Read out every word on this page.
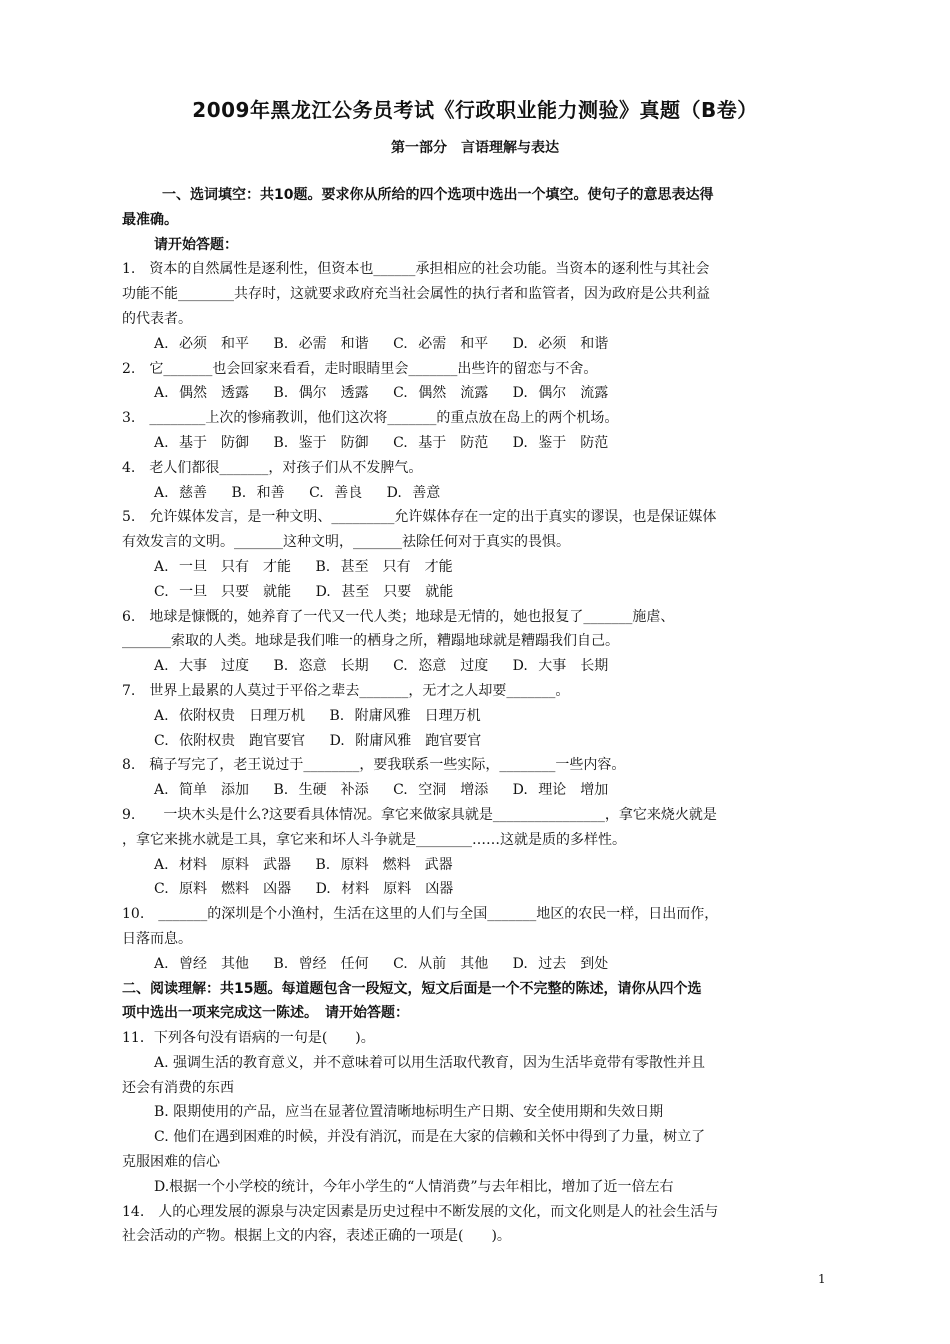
2009年黑龙江公务员考试《行政职业能力测验》真题（B卷）
第一部分　言语理解与表达

一、选词填空：共10题。要求你从所给的四个选项中选出一个填空。使句子的意思表达得

最准确。

请开始答题：

1.　资本的自然属性是逐利性，但资本也______承担相应的社会功能。当资本的逐利性与其社会

功能不能________共存时，这就要求政府充当社会属性的执行者和监管者，因为政府是公共利益

的代表者。

A. 必须　和平　 B. 必需　和谐　 C. 必需　和平　 D. 必须　和谐

2.　它_______也会回家来看看，走时眼睛里会_______出些许的留恋与不舍。

A. 偶然　透露　 B. 偶尔　透露　 C. 偶然　流露　 D. 偶尔　流露

3.　________上次的惨痛教训，他们这次将_______的重点放在岛上的两个机场。

A. 基于　防御　 B. 鉴于　防御　 C. 基于　防范　 D. 鉴于　防范

4.　老人们都很_______，对孩子们从不发脾气。

A. 慈善　 B. 和善　 C. 善良　 D. 善意

5.　允许媒体发言，是一种文明、_________允许媒体存在一定的出于真实的谬误，也是保证媒体

有效发言的文明。_______这种文明，_______祛除任何对于真实的畏惧。

A. 一旦　只有　才能　 B. 甚至　只有　才能

C. 一旦　只要　就能　 D. 甚至　只要　就能

6.　地球是慷慨的，她养育了一代又一代人类；地球是无情的，她也报复了_______施虐、

_______索取的人类。地球是我们唯一的栖身之所，糟蹋地球就是糟蹋我们自己。

A. 大事　过度　 B. 恣意　长期　 C. 恣意　过度　 D. 大事　长期

7.　世界上最累的人莫过于平俗之辈去_______，无才之人却要_______。

A. 依附权贵　日理万机　 B. 附庸风雅　日理万机

C. 依附权贵　跑官要官　 D. 附庸风雅　跑官要官

8.　稿子写完了，老王说过于________，要我联系一些实际，________一些内容。

A. 简单　添加　 B. 生硬　补添　 C. 空洞　增添　 D. 理论　增加

9.　　一块木头是什么?这要看具体情况。拿它来做家具就是________________，拿它来烧火就是

，拿它来挑水就是工具，拿它来和坏人斗争就是________……这就是质的多样性。

A. 材料　原料　武器　 B. 原料　燃料　武器

C. 原料　燃料　凶器　 D. 材料　原料　凶器

10.　_______的深圳是个小渔村，生活在这里的人们与全国_______地区的农民一样，日出而作，

日落而息。

A. 曾经　其他　 B. 曾经　任何　 C. 从前　其他　 D. 过去　到处

二、阅读理解：共15题。每道题包含一段短文，短文后面是一个不完整的陈述，请你从四个选

项中选出一项来完成这一陈述。　请开始答题：

11．下列各句没有语病的一句是(　　)。

A. 强调生活的教育意义，并不意味着可以用生活取代教育，因为生活毕竟带有零散性并且

还会有消费的东西

B. 限期使用的产品，应当在显著位置清晰地标明生产日期、安全使用期和失效日期

C. 他们在遇到困难的时候，并没有消沉，而是在大家的信赖和关怀中得到了力量，树立了

克服困难的信心

D.根据一个小学校的统计，今年小学生的“人情消费”与去年相比，增加了近一倍左右

14.　人的心理发展的源泉与决定因素是历史过程中不断发展的文化，而文化则是人的社会生活与

社会活动的产物。根据上文的内容，表述正确的一项是(　　)。

1
